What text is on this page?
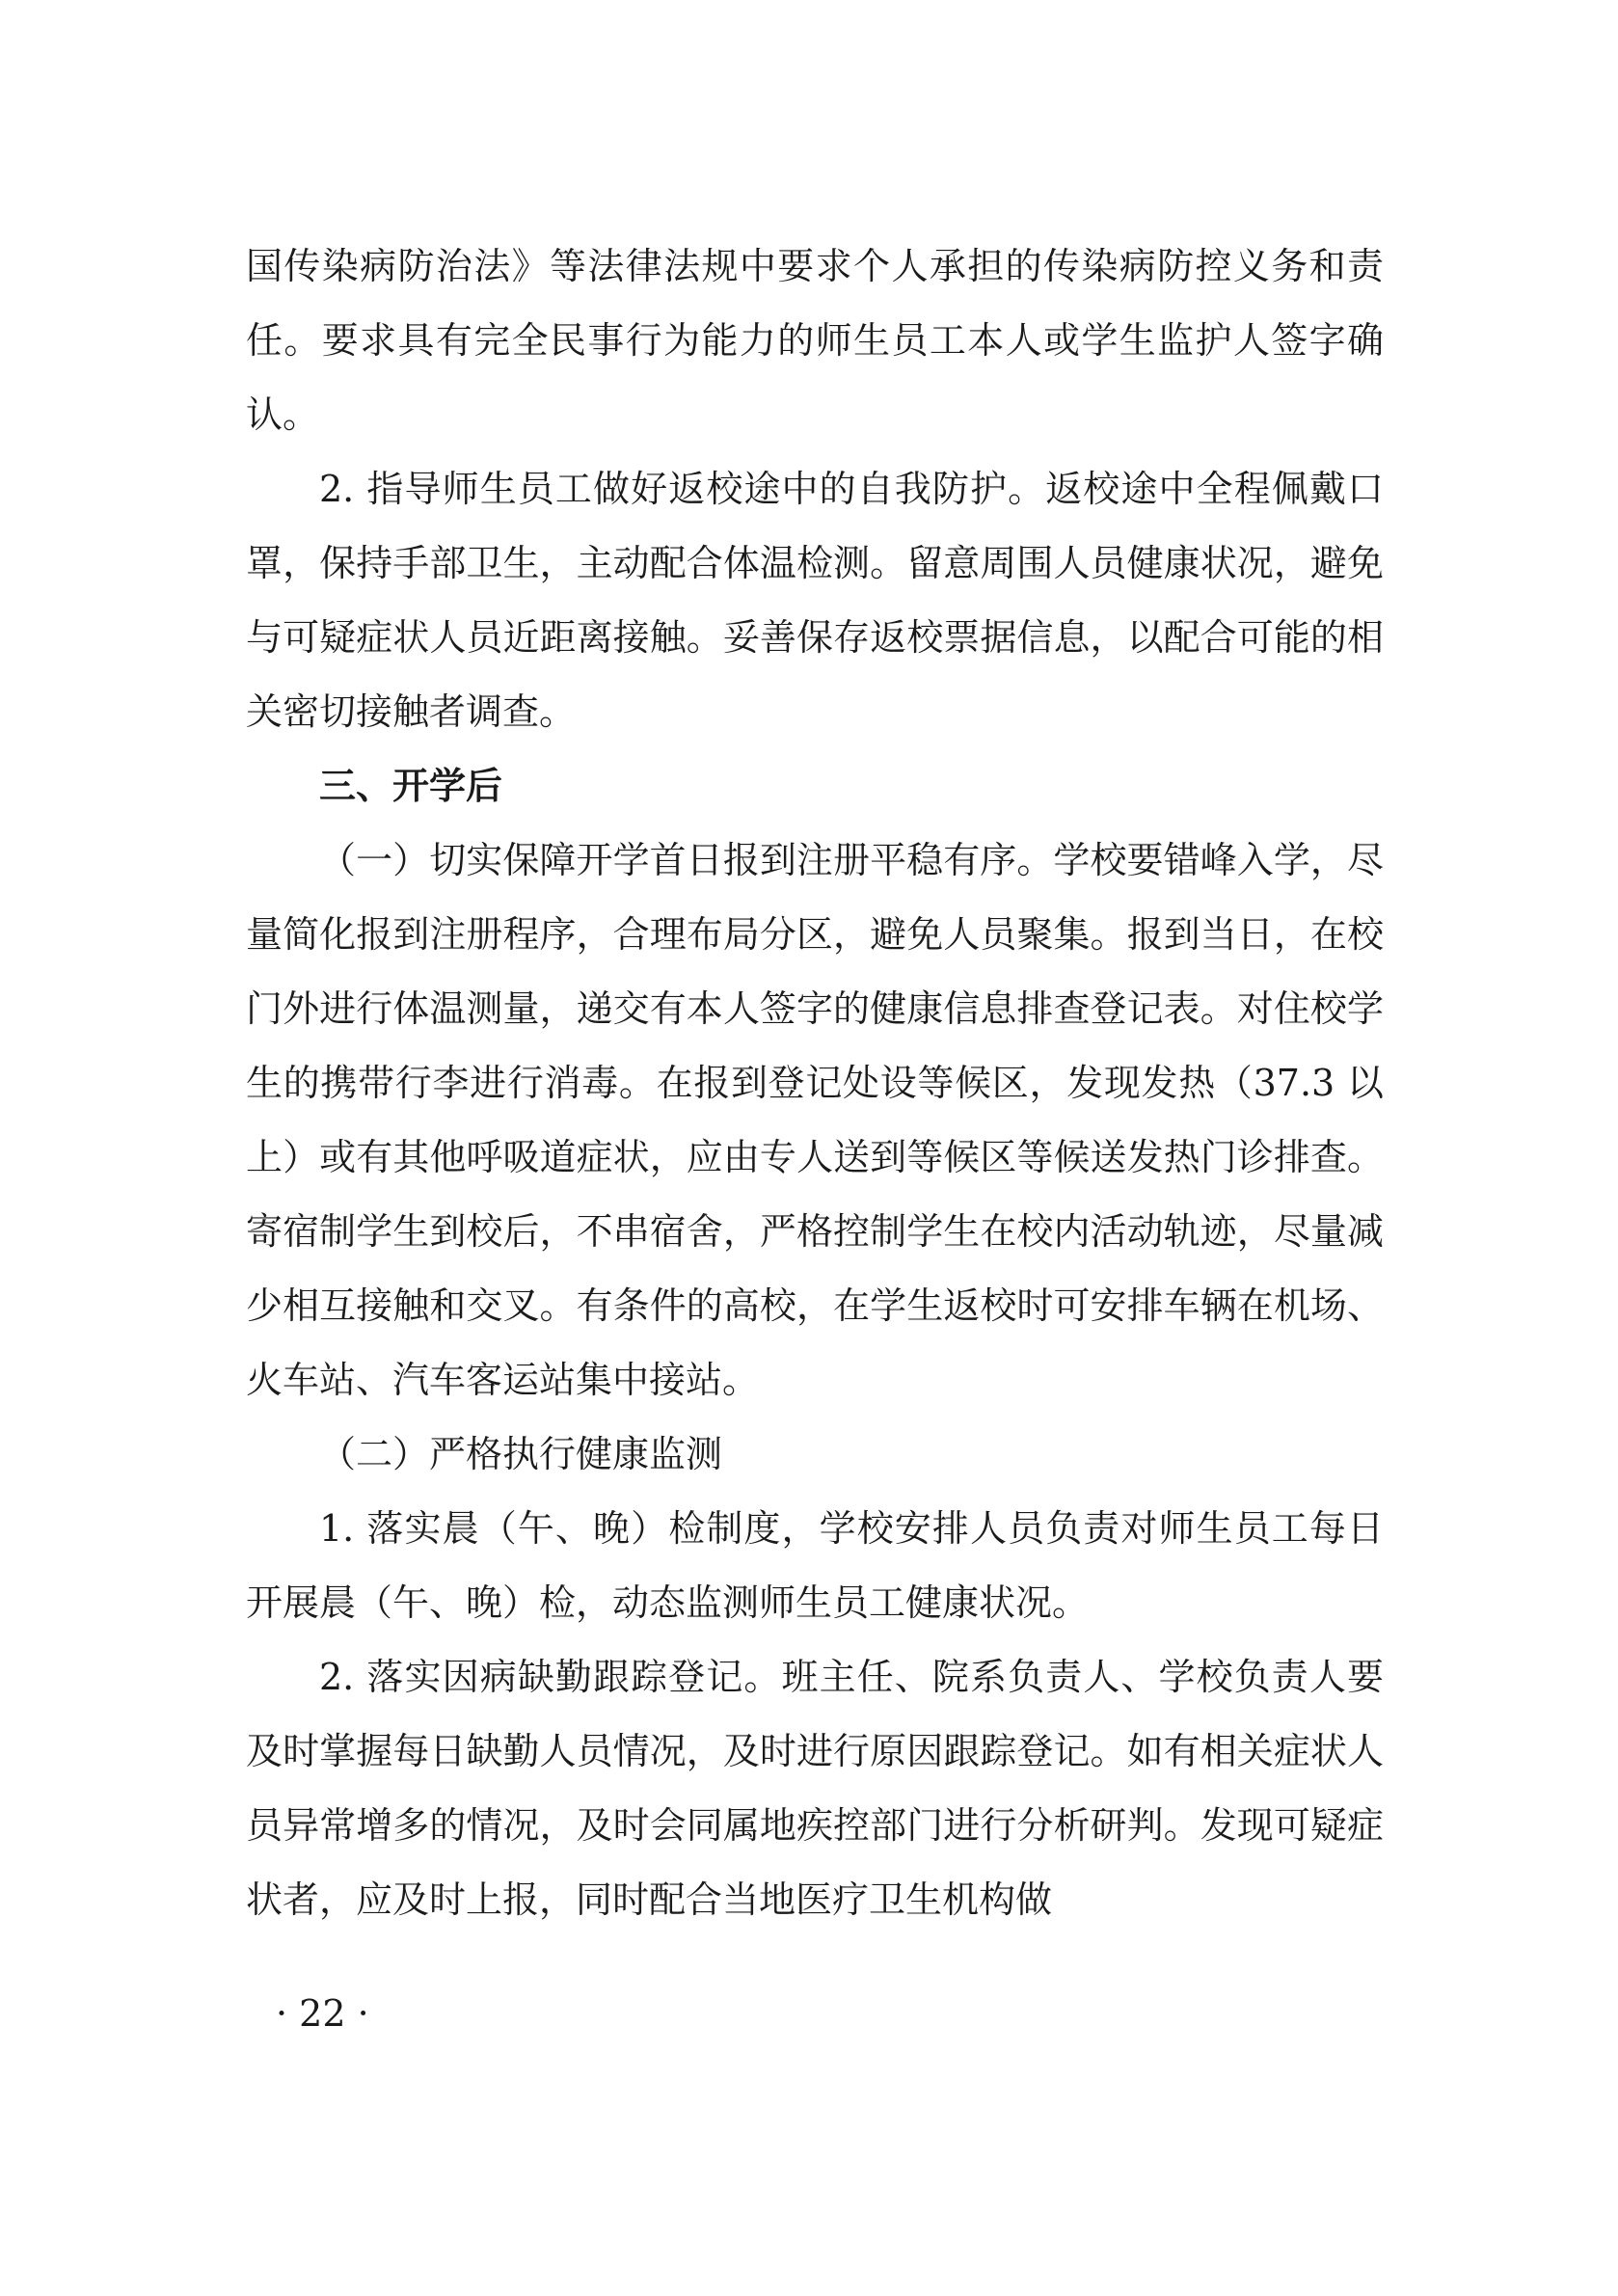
国传染病防治法》等法律法规中要求个人承担的传染病防控义务和责任。要求具有完全民事行为能力的师生员工本人或学生监护人签字确认。

2. 指导师生员工做好返校途中的自我防护。返校途中全程佩戴口罩，保持手部卫生，主动配合体温检测。留意周围人员健康状况，避免与可疑症状人员近距离接触。妥善保存返校票据信息，以配合可能的相关密切接触者调查。

三、开学后

（一）切实保障开学首日报到注册平稳有序。学校要错峰入学，尽量简化报到注册程序，合理布局分区，避免人员聚集。报到当日，在校门外进行体温测量，递交有本人签字的健康信息排查登记表。对住校学生的携带行李进行消毒。在报到登记处设等候区，发现发热（37.3 以上）或有其他呼吸道症状，应由专人送到等候区等候送发热门诊排查。寄宿制学生到校后，不串宿舍，严格控制学生在校内活动轨迹，尽量减少相互接触和交叉。有条件的高校，在学生返校时可安排车辆在机场、火车站、汽车客运站集中接站。

（二）严格执行健康监测

1. 落实晨（午、晚）检制度，学校安排人员负责对师生员工每日开展晨（午、晚）检，动态监测师生员工健康状况。

2. 落实因病缺勤跟踪登记。班主任、院系负责人、学校负责人要及时掌握每日缺勤人员情况，及时进行原因跟踪登记。如有相关症状人员异常增多的情况，及时会同属地疾控部门进行分析研判。发现可疑症状者，应及时上报，同时配合当地医疗卫生机构做

· 22 ·
